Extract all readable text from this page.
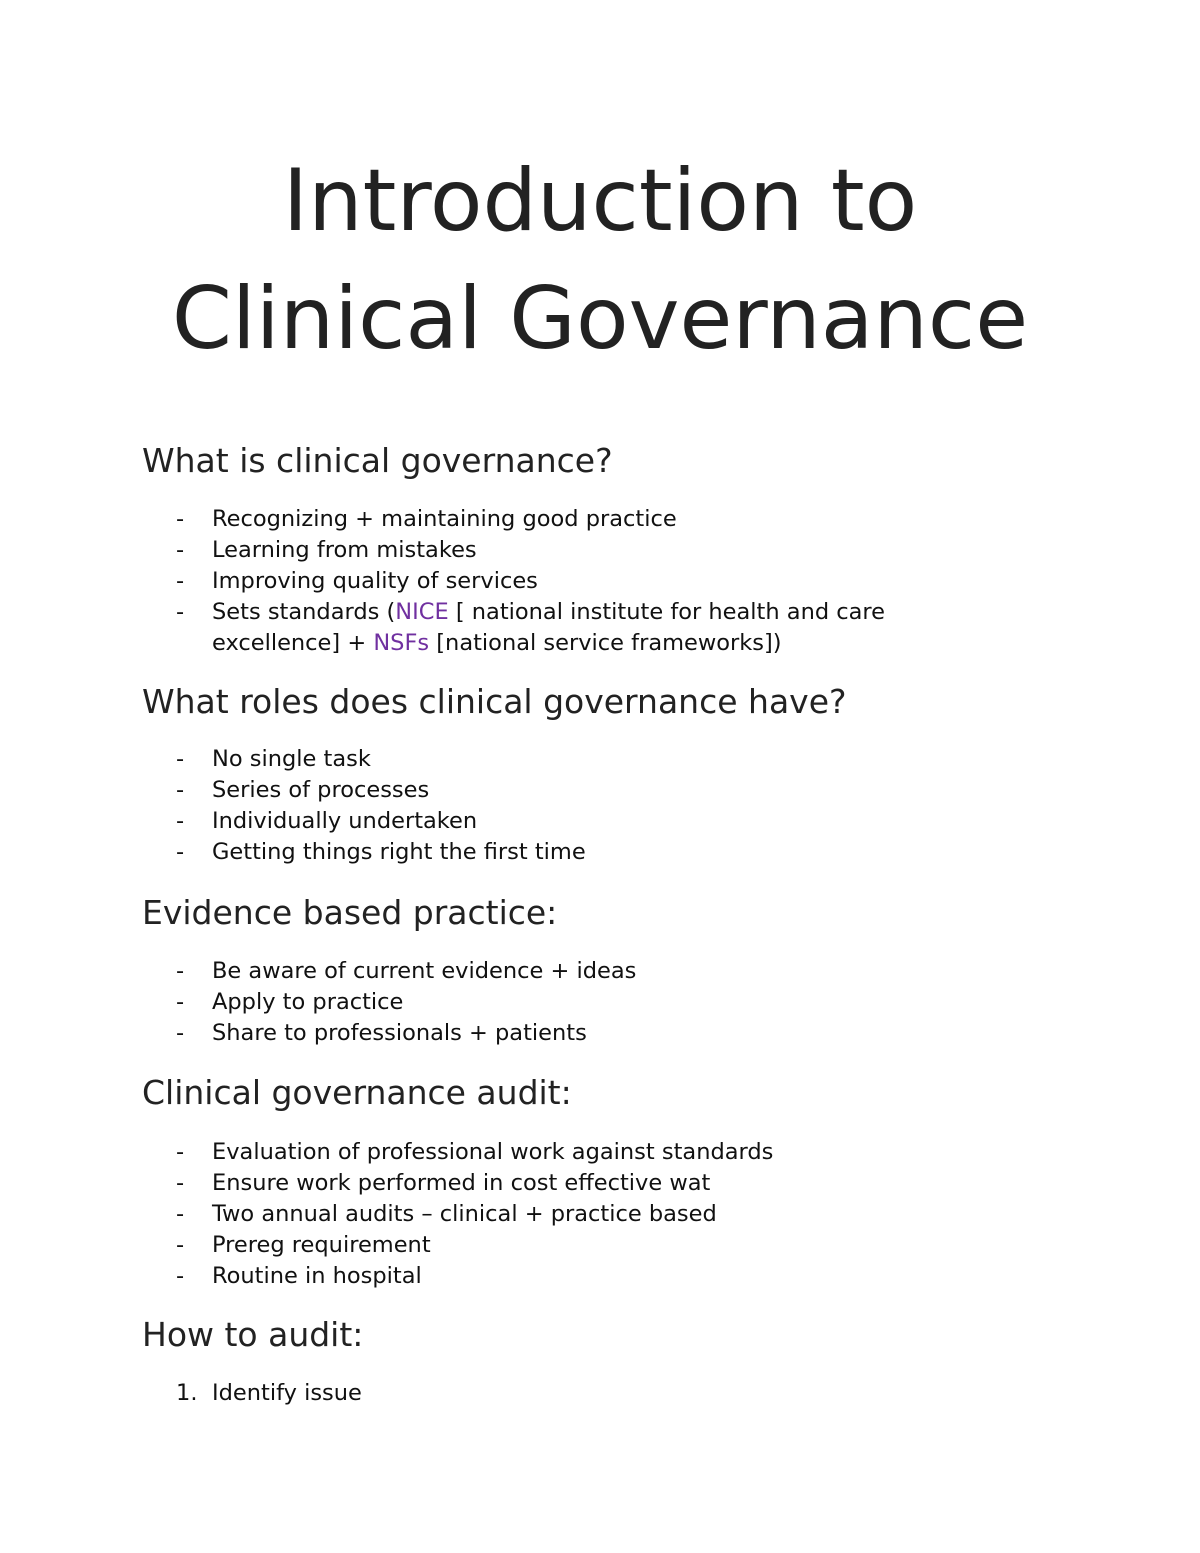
Introduction to
Clinical Governance
What is clinical governance?
- Recognizing + maintaining good practice
- Learning from mistakes
- Improving quality of services
- Sets standards (NICE [ national institute for health and care excellence] + NSFs [national service frameworks])
What roles does clinical governance have?
- No single task
- Series of processes
- Individually undertaken
- Getting things right the first time
Evidence based practice:
- Be aware of current evidence + ideas
- Apply to practice
- Share to professionals + patients
Clinical governance audit:
- Evaluation of professional work against standards
- Ensure work performed in cost effective wat
- Two annual audits – clinical + practice based
- Prereg requirement
- Routine in hospital
How to audit:
1. Identify issue
